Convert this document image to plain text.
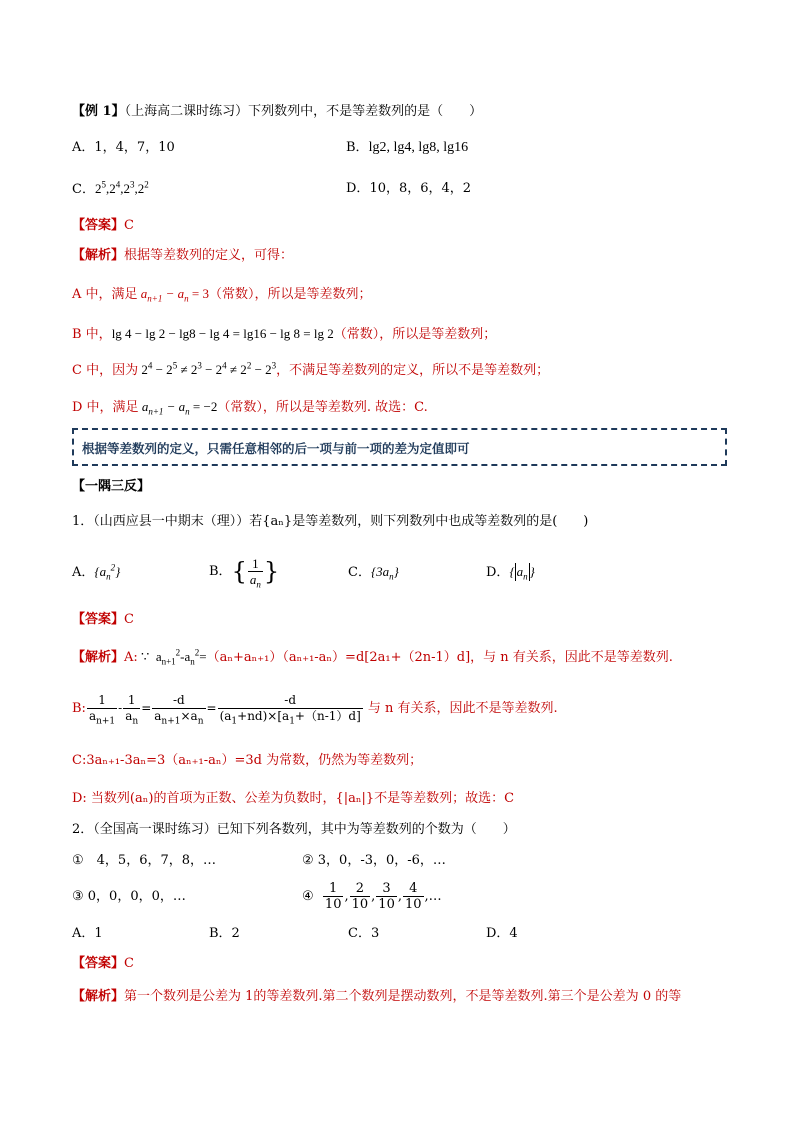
【例 1】（上海高二课时练习）下列数列中，不是等差数列的是（　　）
A．1，4，7，10	B．lg2, lg4, lg8, lg16
C．$2^5,2^4,2^3,2^2$	D．10，8，6，4，2
【答案】C
【解析】根据等差数列的定义，可得：
A 中，满足 $a_{n+1} - a_n = 3$（常数），所以是等差数列；
B 中，lg 4 − lg 2 − lg8 − lg 4 = lg16 − lg 8 = lg 2（常数），所以是等差数列；
C 中，因为 $2^4 - 2^5 \ne 2^3 - 2^4 \ne 2^2 - 2^3$，不满足等差数列的定义，所以不是等差数列；
D 中，满足 $a_{n+1} - a_n = -2$（常数），所以是等差数列. 故选：C.
根据等差数列的定义，只需任意相邻的后一项与前一项的差为定值即可
【一隅三反】
1．（山西应县一中期末（理））若{aₙ}是等差数列，则下列数列中也成等差数列的是(　　)
A．$\{a_n^2\}$	B．{ $\frac{1}{a_n}$ }	C．$\{3a_n\}$	D．{ $a_n$ }
【答案】C
【解析】A: ∵  $a_{n+1}^2-a_n^2=(a_n+a_{n+1})(a_{n+1}-a_n)=d[2a_1+(2n-1)d]$，与 n 有关系，因此不是等差数列.
B: $\frac{1}{a_{n+1}} - \frac{1}{a_n} = \frac{-d}{a_{n+1}\times a_n} = \frac{-d}{(a_1+nd)\times[a_1+(n-1)d]}$ 与 n 有关系，因此不是等差数列.
C:3aₙ₊₁-3aₙ=3（aₙ₊₁-aₙ）=3d 为常数，仍然为等差数列；
D: 当数列(aₙ)的首项为正数、公差为负数时，{|aₙ|}不是等差数列；故选：C
2．（全国高一课时练习）已知下列各数列，其中为等差数列的个数为（　　）
①　4，5，6，7，8，…	② 3，0，-3，0，-6，…
③ 0，0，0，0，…	④ $\frac{1}{10}$ , $\frac{2}{10}$ , $\frac{3}{10}$ , $\frac{4}{10}$ ,…
A．1	B．2	C．3	D．4
【答案】C
【解析】第一个数列是公差为 1的等差数列.第二个数列是摆动数列，不是等差数列.第三个是公差为 0 的等
